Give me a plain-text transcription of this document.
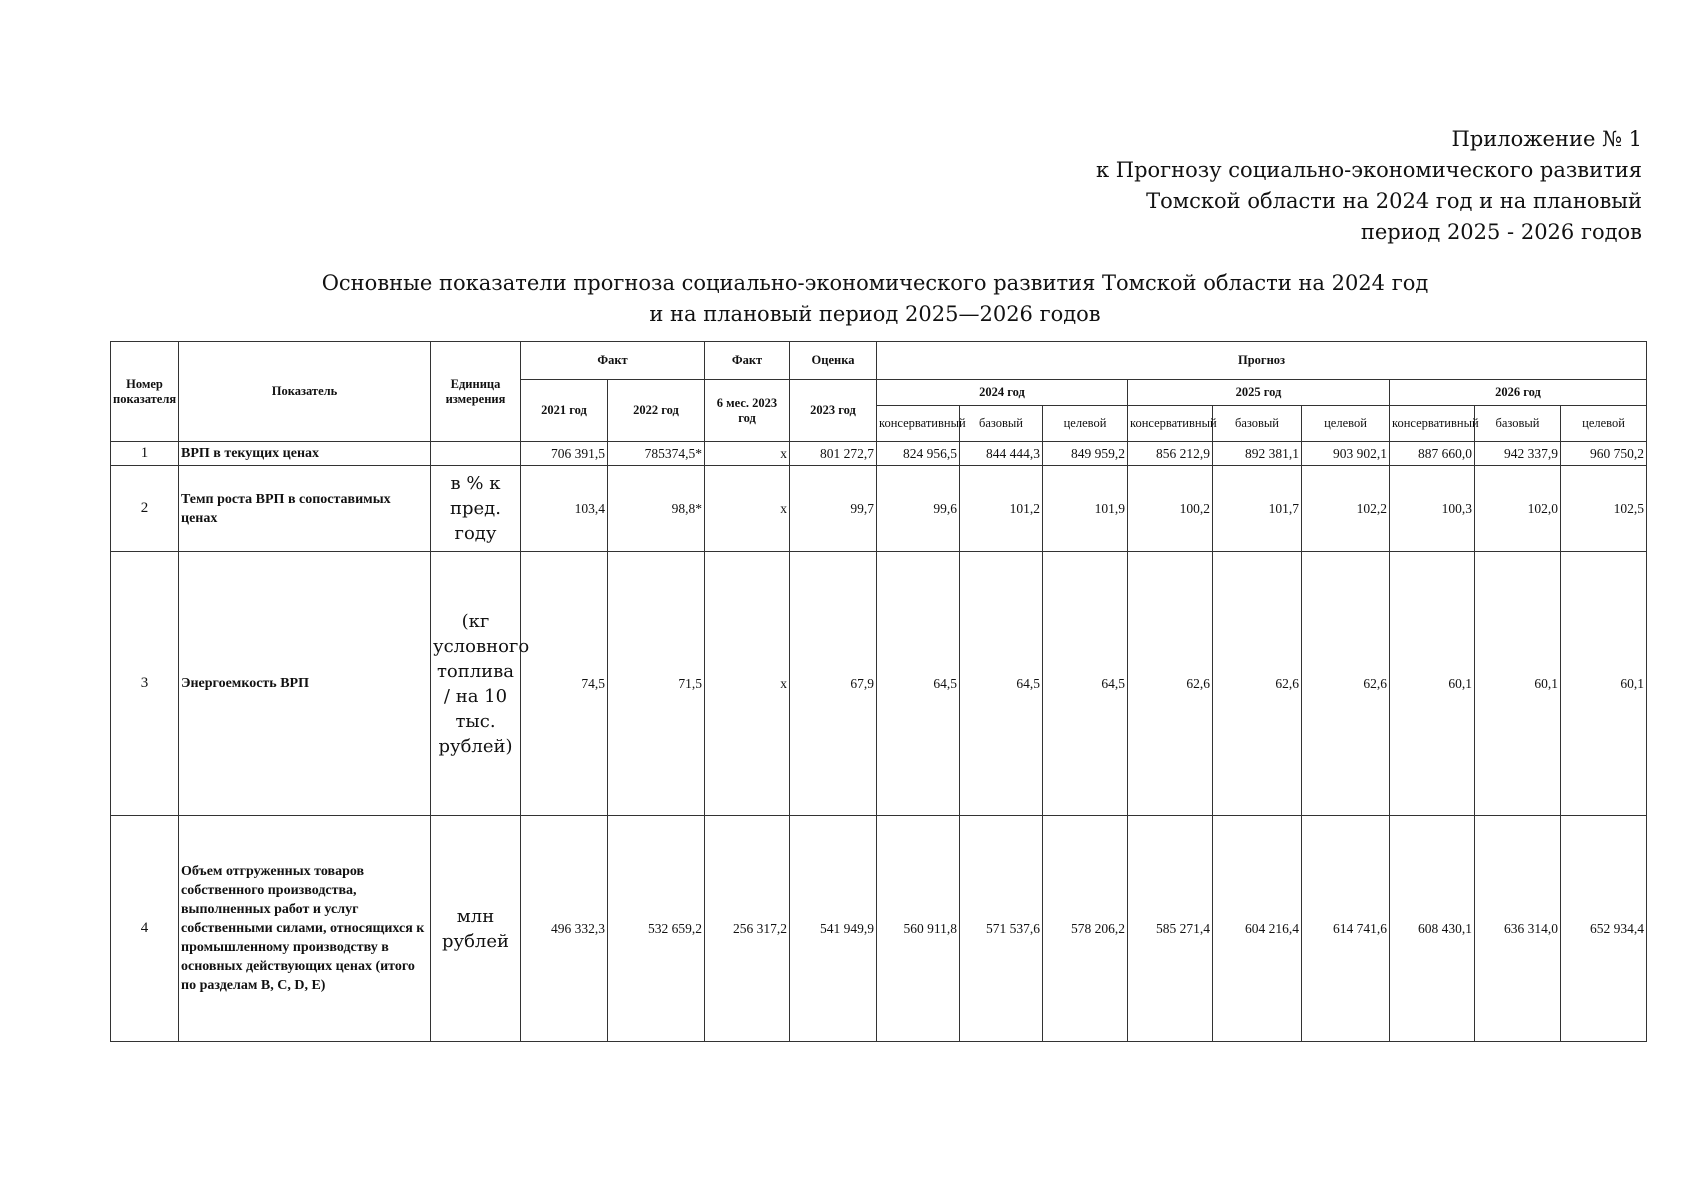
Приложение № 1
к Прогнозу социально-экономического развития
Томской области на 2024 год и на плановый
период 2025 - 2026 годов
Основные показатели прогноза социально-экономического развития Томской области на 2024 год
и на плановый период 2025—2026 годов
Номер показателя	Показатель	Единица измерения	Факт		Факт	Оценка	Прогноз								
			2021 год	2022 год	6 мес. 2023 год	2023 год	2024 год			2025 год			2026 год		
							консервативный	базовый	целевой	консервативный	базовый	целевой	консервативный	базовый	целевой
1	ВРП в текущих ценах		706 391,5	785374,5*	x	801 272,7	824 956,5	844 444,3	849 959,2	856 212,9	892 381,1	903 902,1	887 660,0	942 337,9	960 750,2
2	Темп роста ВРП в сопоставимых ценах	в % к пред. году	103,4	98,8*	x	99,7	99,6	101,2	101,9	100,2	101,7	102,2	100,3	102,0	102,5
3	Энергоемкость ВРП	(кг условного топлива / на 10 тыс. рублей)	74,5	71,5	x	67,9	64,5	64,5	64,5	62,6	62,6	62,6	60,1	60,1	60,1
4	Объем отгруженных товаров собственного производства, выполненных работ и услуг собственными силами, относящихся к промышленному производству в основных действующих ценах (итого по разделам B, C, D, E)	млн рублей	496 332,3	532 659,2	256 317,2	541 949,9	560 911,8	571 537,6	578 206,2	585 271,4	604 216,4	614 741,6	608 430,1	636 314,0	652 934,4
